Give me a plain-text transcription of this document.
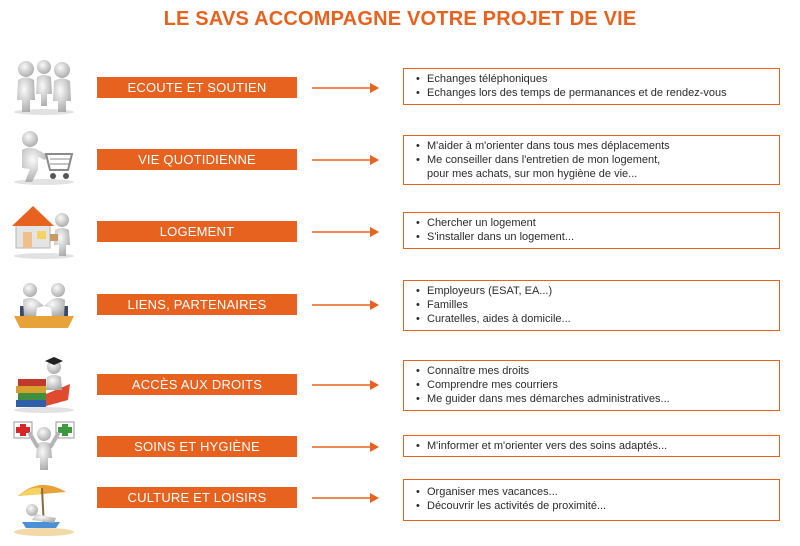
LE SAVS ACCOMPAGNE VOTRE PROJET DE VIE
ECOUTE ET SOUTIEN
• Echanges téléphoniques
• Echanges lors des temps de permanances et de rendez-vous
VIE QUOTIDIENNE
• M'aider à m'orienter dans tous mes déplacements
• Me conseiller dans l'entretien de mon logement,
pour mes achats, sur mon hygiène de vie...
LOGEMENT
• Chercher un logement
• S'installer dans un logement...
LIENS, PARTENAIRES
• Employeurs (ESAT, EA...)
• Familles
• Curatelles, aides à domicile...
ACCÈS AUX DROITS
• Connaître mes droits
• Comprendre mes courriers
• Me guider dans mes démarches administratives...
SOINS ET HYGIÈNE	• M'informer et m'orienter vers des soins adaptés...
CULTURE ET LOISIRS	• Organiser mes vacances...
• Découvrir les activités de proximité...
